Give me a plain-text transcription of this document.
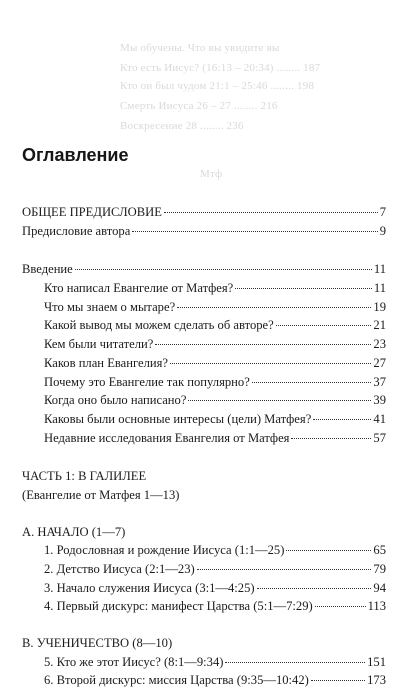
Мы обучены. Что вы увидите вы
Кто есть Иисус? (16:13 – 20:34) ........ 187
Кто он был чудом 21:1 – 25:46 ........ 198
Смерть Иисуса 26 – 27 ........ 216
Воскресение 28 ........ 236
Мтф
Оглавление
ОБЩЕЕ ПРЕДИСЛОВИЕ	7
Предисловие автора	9
Введение	11
Кто написал Евангелие от Матфея?	11
Что мы знаем о мытаре?	19
Какой вывод мы можем сделать об авторе?	21
Кем были читатели?	23
Каков план Евангелия?	27
Почему это Евангелие так популярно?	37
Когда оно было написано?	39
Каковы были основные интересы (цели) Матфея?	41
Недавние исследования Евангелия от Матфея	57
ЧАСТЬ 1: В ГАЛИЛЕЕ
(Евангелие от Матфея 1—13)
А. НАЧАЛО (1—7)
1. Родословная и рождение Иисуса (1:1—25)	65
2. Детство Иисуса (2:1—23)	79
3. Начало служения Иисуса (3:1—4:25)	94
4. Первый дискурс: манифест Царства (5:1—7:29)	113
В. УЧЕНИЧЕСТВО (8—10)
5. Кто же этот Иисус? (8:1—9:34)	151
6. Второй дискурс: миссия Царства (9:35—10:42)	173
